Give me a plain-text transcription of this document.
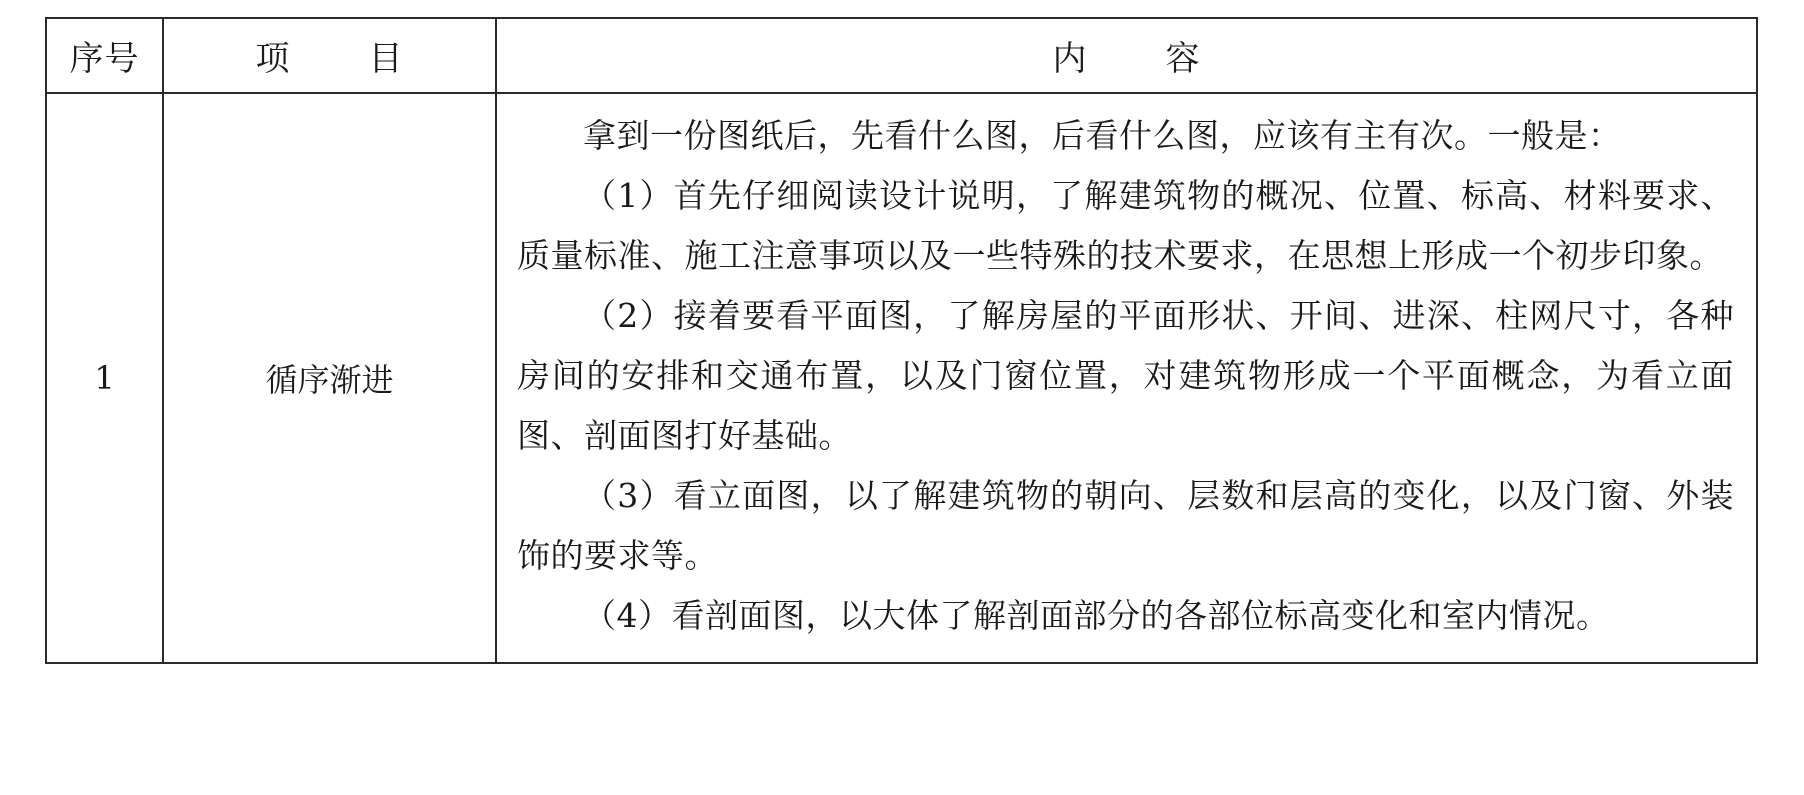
序号	项 目	内 容
1	循序渐进	拿到一份图纸后，先看什么图，后看什么图，应该有主有次。一般是：

（1）首先仔细阅读设计说明，了解建筑物的概况、位置、标高、材料要求、质量标准、施工注意事项以及一些特殊的技术要求，在思想上形成一个初步印象。

（2）接着要看平面图，了解房屋的平面形状、开间、进深、柱网尺寸，各种房间的安排和交通布置，以及门窗位置，对建筑物形成一个平面概念，为看立面图、剖面图打好基础。

（3）看立面图，以了解建筑物的朝向、层数和层高的变化，以及门窗、外装饰的要求等。

（4）看剖面图，以大体了解剖面部分的各部位标高变化和室内情况。
